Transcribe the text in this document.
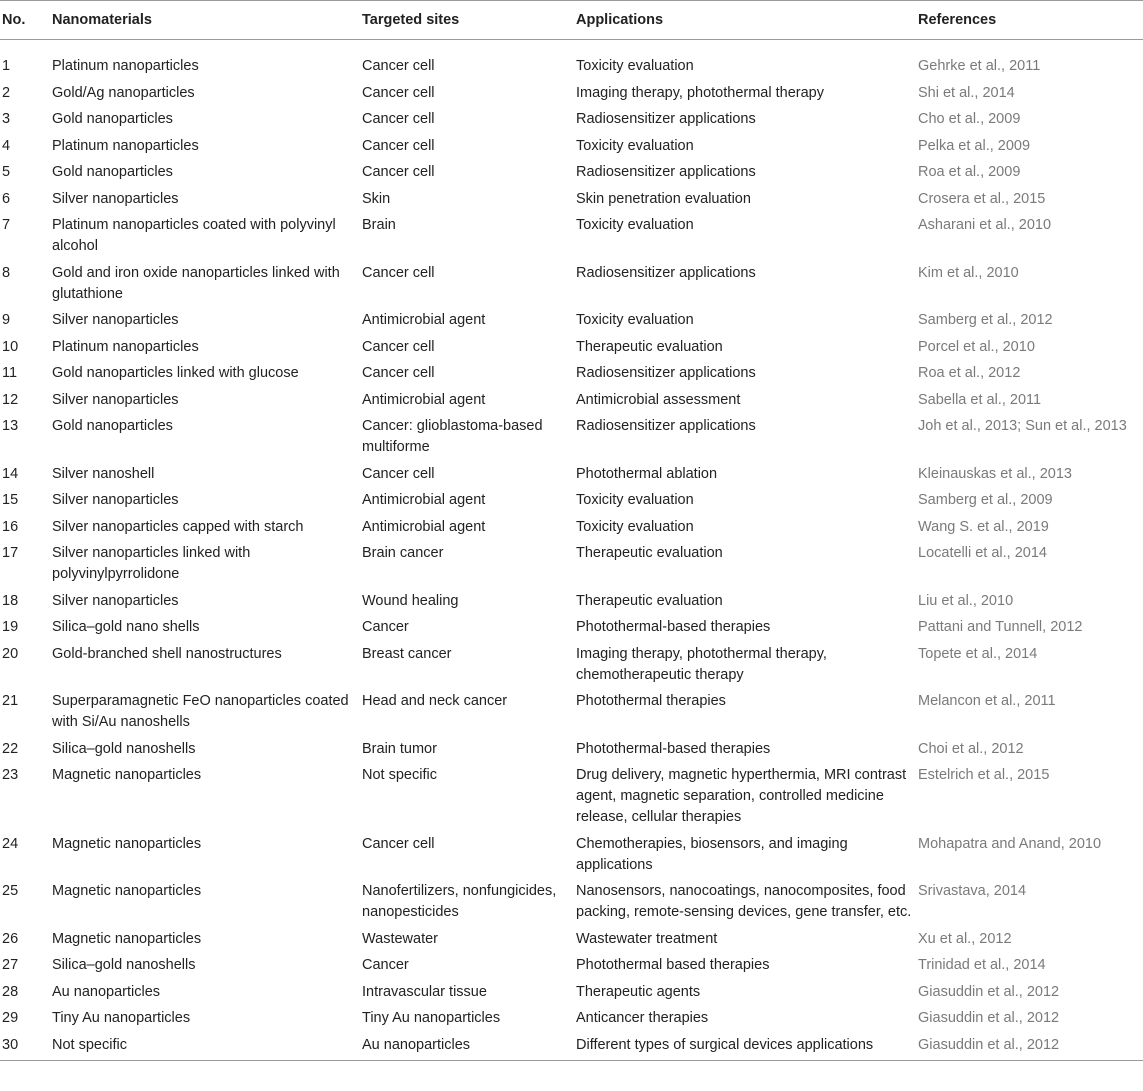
No.	Nanomaterials	Targeted sites	Applications	References
1	Platinum nanoparticles	Cancer cell	Toxicity evaluation	Gehrke et al., 2011
2	Gold/Ag nanoparticles	Cancer cell	Imaging therapy, photothermal therapy	Shi et al., 2014
3	Gold nanoparticles	Cancer cell	Radiosensitizer applications	Cho et al., 2009
4	Platinum nanoparticles	Cancer cell	Toxicity evaluation	Pelka et al., 2009
5	Gold nanoparticles	Cancer cell	Radiosensitizer applications	Roa et al., 2009
6	Silver nanoparticles	Skin	Skin penetration evaluation	Crosera et al., 2015
7	Platinum nanoparticles coated with polyvinyl alcohol	Brain	Toxicity evaluation	Asharani et al., 2010
8	Gold and iron oxide nanoparticles linked with glutathione	Cancer cell	Radiosensitizer applications	Kim et al., 2010
9	Silver nanoparticles	Antimicrobial agent	Toxicity evaluation	Samberg et al., 2012
10	Platinum nanoparticles	Cancer cell	Therapeutic evaluation	Porcel et al., 2010
11	Gold nanoparticles linked with glucose	Cancer cell	Radiosensitizer applications	Roa et al., 2012
12	Silver nanoparticles	Antimicrobial agent	Antimicrobial assessment	Sabella et al., 2011
13	Gold nanoparticles	Cancer: glioblastoma-based multiforme	Radiosensitizer applications	Joh et al., 2013; Sun et al., 2013
14	Silver nanoshell	Cancer cell	Photothermal ablation	Kleinauskas et al., 2013
15	Silver nanoparticles	Antimicrobial agent	Toxicity evaluation	Samberg et al., 2009
16	Silver nanoparticles capped with starch	Antimicrobial agent	Toxicity evaluation	Wang S. et al., 2019
17	Silver nanoparticles linked with polyvinylpyrrolidone	Brain cancer	Therapeutic evaluation	Locatelli et al., 2014
18	Silver nanoparticles	Wound healing	Therapeutic evaluation	Liu et al., 2010
19	Silica–gold nano shells	Cancer	Photothermal-based therapies	Pattani and Tunnell, 2012
20	Gold-branched shell nanostructures	Breast cancer	Imaging therapy, photothermal therapy, chemotherapeutic therapy	Topete et al., 2014
21	Superparamagnetic FeO nanoparticles coated with Si/Au nanoshells	Head and neck cancer	Photothermal therapies	Melancon et al., 2011
22	Silica–gold nanoshells	Brain tumor	Photothermal-based therapies	Choi et al., 2012
23	Magnetic nanoparticles	Not specific	Drug delivery, magnetic hyperthermia, MRI contrast agent, magnetic separation, controlled medicine release, cellular therapies	Estelrich et al., 2015
24	Magnetic nanoparticles	Cancer cell	Chemotherapies, biosensors, and imaging applications	Mohapatra and Anand, 2010
25	Magnetic nanoparticles	Nanofertilizers, nonfungicides, nanopesticides	Nanosensors, nanocoatings, nanocomposites, food packing, remote-sensing devices, gene transfer, etc.	Srivastava, 2014
26	Magnetic nanoparticles	Wastewater	Wastewater treatment	Xu et al., 2012
27	Silica–gold nanoshells	Cancer	Photothermal based therapies	Trinidad et al., 2014
28	Au nanoparticles	Intravascular tissue	Therapeutic agents	Giasuddin et al., 2012
29	Tiny Au nanoparticles	Tiny Au nanoparticles	Anticancer therapies	Giasuddin et al., 2012
30	Not specific	Au nanoparticles	Different types of surgical devices applications	Giasuddin et al., 2012
